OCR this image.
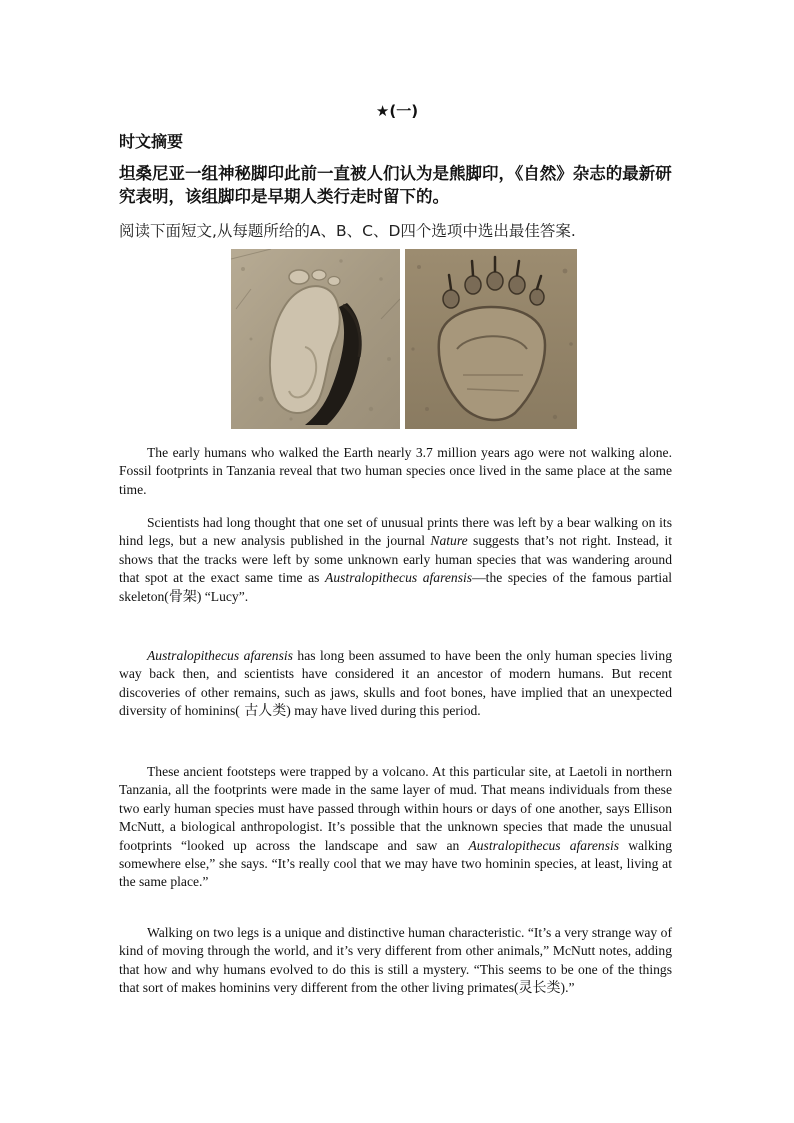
★(一)
时文摘要
坦桑尼亚一组神秘脚印此前一直被人们认为是熊脚印，《自然》杂志的最新研究表明，该组脚印是早期人类行走时留下的。
阅读下面短文,从每题所给的A、B、C、D四个选项中选出最佳答案.
The early humans who walked the Earth nearly 3.7 million years ago were not walking alone. Fossil footprints in Tanzania reveal that two human species once lived in the same place at the same time.
Scientists had long thought that one set of unusual prints there was left by a bear walking on its hind legs, but a new analysis published in the journal Nature suggests that’s not right. Instead, it shows that the tracks were left by some unknown early human species that was wandering around that spot at the exact same time as Australopithecus afarensis—the species of the famous partial skeleton(骨架) “Lucy”.
Australopithecus afarensis has long been assumed to have been the only human species living way back then, and scientists have considered it an ancestor of modern humans. But recent discoveries of other remains, such as jaws, skulls and foot bones, have implied that an unexpected diversity of hominins( 古人类) may have lived during this period.
These ancient footsteps were trapped by a volcano. At this particular site, at Laetoli in northern Tanzania, all the footprints were made in the same layer of mud. That means individuals from these two early human species must have passed through within hours or days of one another, says Ellison McNutt, a biological anthropologist. It’s possible that the unknown species that made the unusual footprints “looked up across the landscape and saw an Australopithecus afarensis walking somewhere else,” she says. “It’s really cool that we may have two hominin species, at least, living at the same place.”
Walking on two legs is a unique and distinctive human characteristic. “It’s a very strange way of kind of moving through the world, and it’s very different from other animals,” McNutt notes, adding that how and why humans evolved to do this is still a mystery. “This seems to be one of the things that sort of makes hominins very different from the other living primates(灵长类).”
